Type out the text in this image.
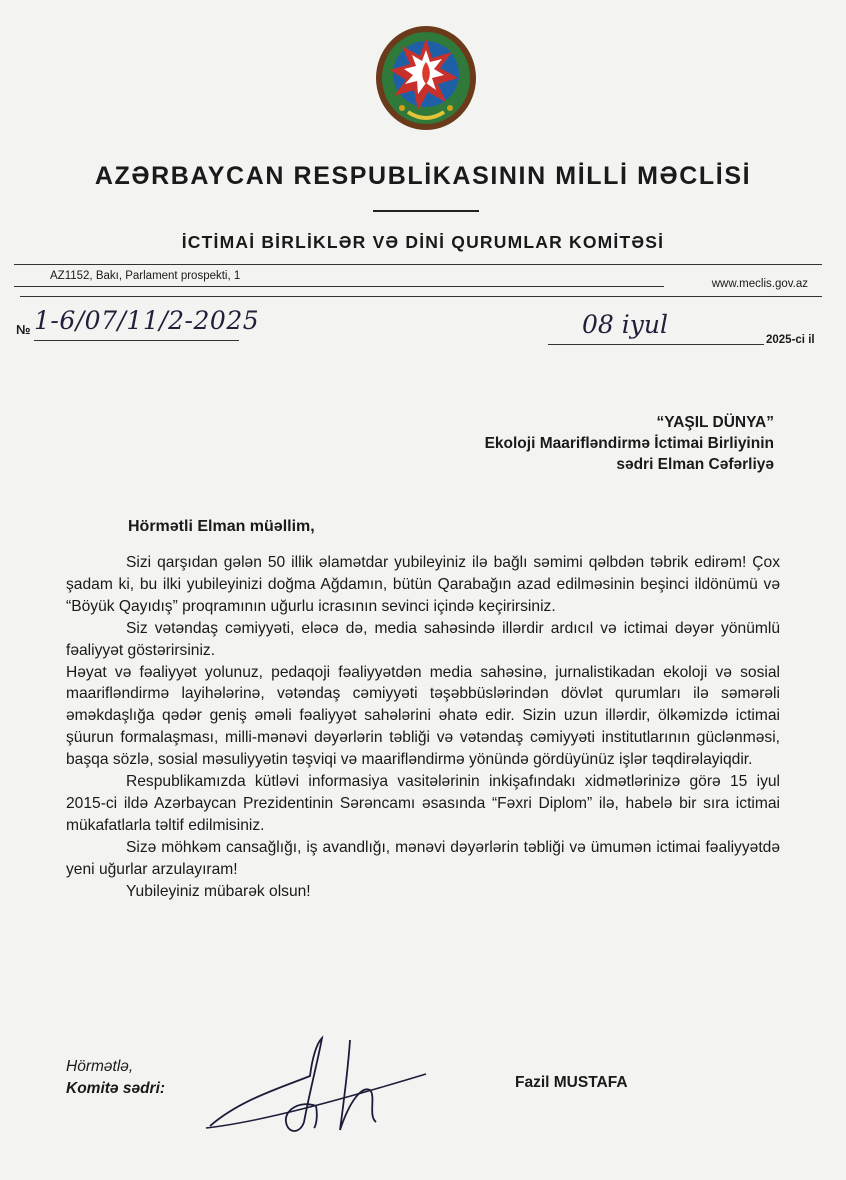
AZƏRBAYCAN RESPUBLİKASININ MİLLİ MƏCLİSİ
İCTİMAİ BİRLİKLƏR VƏ DİNİ QURUMLAR KOMİTƏSİ
AZ1152, Bakı, Parlament prospekti, 1
www.meclis.gov.az
№ 1-6/07/11/2-2025	08 iyul
2025-ci il
“YAŞIL DÜNYA”
Ekoloji Maarifləndirmə İctimai Birliyinin
sədri Elman Cəfərliyə
Hörmətli Elman müəllim,

Sizi qarşıdan gələn 50 illik əlamətdar yubileyiniz ilə bağlı səmimi qəlbdən təbrik edirəm! Çox şadam ki, bu ilki yubileyinizi doğma Ağdamın, bütün Qarabağın azad edilməsinin beşinci ildönümü və “Böyük Qayıdış” proqramının uğurlu icrasının sevinci içində keçirirsiniz.

Siz vətəndaş cəmiyyəti, eləcə də, media sahəsində illərdir ardıcıl və ictimai dəyər yönümlü fəaliyyət göstərirsiniz.

Həyat və fəaliyyət yolunuz, pedaqoji fəaliyyətdən media sahəsinə, jurnalistikadan ekoloji və sosial maarifləndirmə layihələrinə, vətəndaş cəmiyyəti təşəbbüslərindən dövlət qurumları ilə səmərəli əməkdaşlığa qədər geniş əməli fəaliyyət sahələrini əhatə edir. Sizin uzun illərdir, ölkəmizdə ictimai şüurun formalaşması, milli-mənəvi dəyərlərin təbliği və vətəndaş cəmiyyəti institutlarının güclənməsi, başqa sözlə, sosial məsuliyyətin təşviqi və maarifləndirmə yönündə gördüyünüz işlər təqdirəlayiqdir.

Respublikamızda kütləvi informasiya vasitələrinin inkişafındakı xidmətlərinizə görə 15 iyul 2015-ci ildə Azərbaycan Prezidentinin Sərəncamı əsasında “Fəxri Diplom” ilə, habelə bir sıra ictimai mükafatlarla təltif edilmisiniz.

Sizə möhkəm cansağlığı, iş avandlığı, mənəvi dəyərlərin təbliği və ümumən ictimai fəaliyyətdə yeni uğurlar arzulayıram!

Yubileyiniz mübarək olsun!

Hörmətlə,
Komitə sədri:	Fazil MUSTAFA
